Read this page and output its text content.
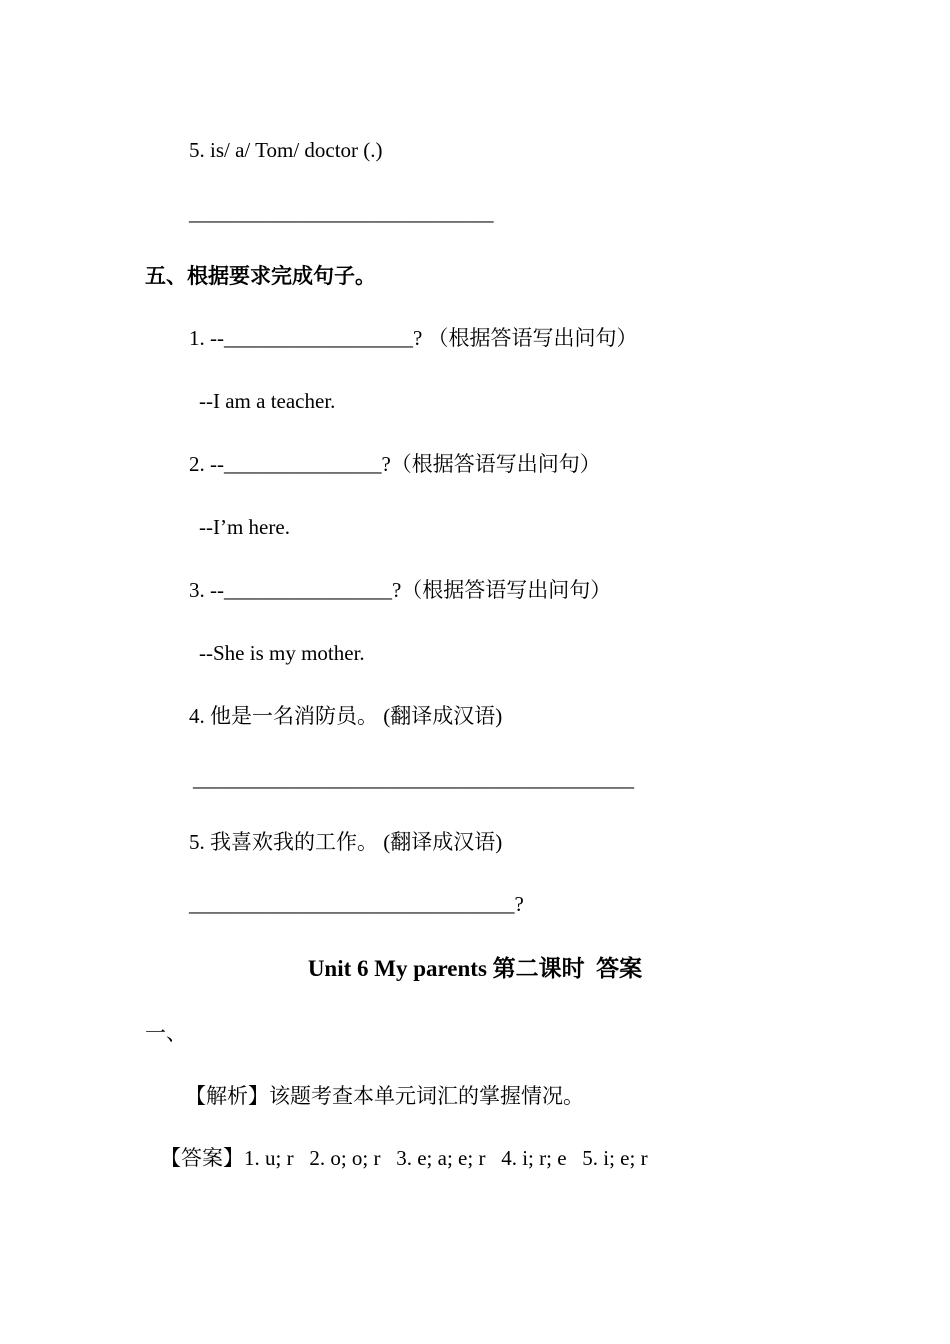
5. is/ a/ Tom/ doctor (.)
_____________________________
五、根据要求完成句子。
1. --__________________? （根据答语写出问句）
--I am a teacher.
2. --_______________?（根据答语写出问句）
--I’m here.
3. --________________?（根据答语写出问句）
--She is my mother.
4. 他是一名消防员。 (翻译成汉语)
__________________________________________
5. 我喜欢我的工作。 (翻译成汉语)
_______________________________?
Unit 6 My parents 第二课时  答案
一、
【解析】该题考查本单元词汇的掌握情况。
【答案】1. u; r   2. o; o; r   3. e; a; e; r   4. i; r; e   5. i; e; r
